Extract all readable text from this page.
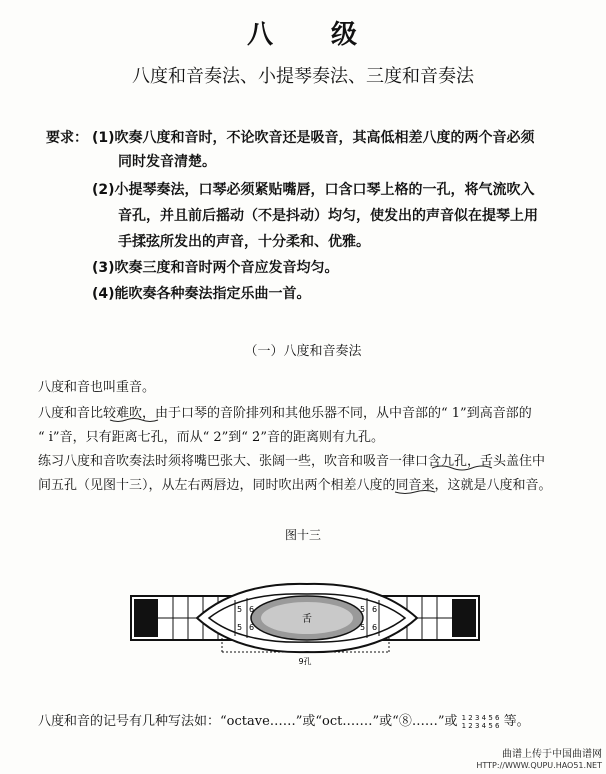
八　　级
八度和音奏法、小提琴奏法、三度和音奏法
要求： (1)吹奏八度和音时，不论吹音还是吸音，其高低相差八度的两个音必须
同时发音清楚。
(2)小提琴奏法，口琴必须紧贴嘴唇，口含口琴上格的一孔，将气流吹入
音孔，并且前后摇动（不是抖动）均匀，使发出的声音似在提琴上用
手揉弦所发出的声音，十分柔和、优雅。
(3)吹奏三度和音时两个音应发音均匀。
(4)能吹奏各种奏法指定乐曲一首。
（一）八度和音奏法
八度和音也叫重音。
八度和音比较难吹，由于口琴的音阶排列和其他乐器不同，从中音部的“ 1”到高音部的
“ i̇”音，只有距离七孔，而从“ 2”到“ 2̇”音的距离则有九孔。
练习八度和音吹奏法时须将嘴巴张大、张阔一些，吹音和吸音一律口含九孔，舌头盖住中
间五孔（见图十三），从左右两唇边，同时吹出两个相差八度的同音来，这就是八度和音。
图十三
舌
5 6
5 6
5 6
5 6
9孔
八度和音的记号有几种写法如：“octave……”或“oct.……”或“⑧……”或 1 2 3 4 5 6
1 2 3 4 5 6 等。
曲谱上传于中国曲谱网
HTTP://WWW.QUPU.HAO51.NET
